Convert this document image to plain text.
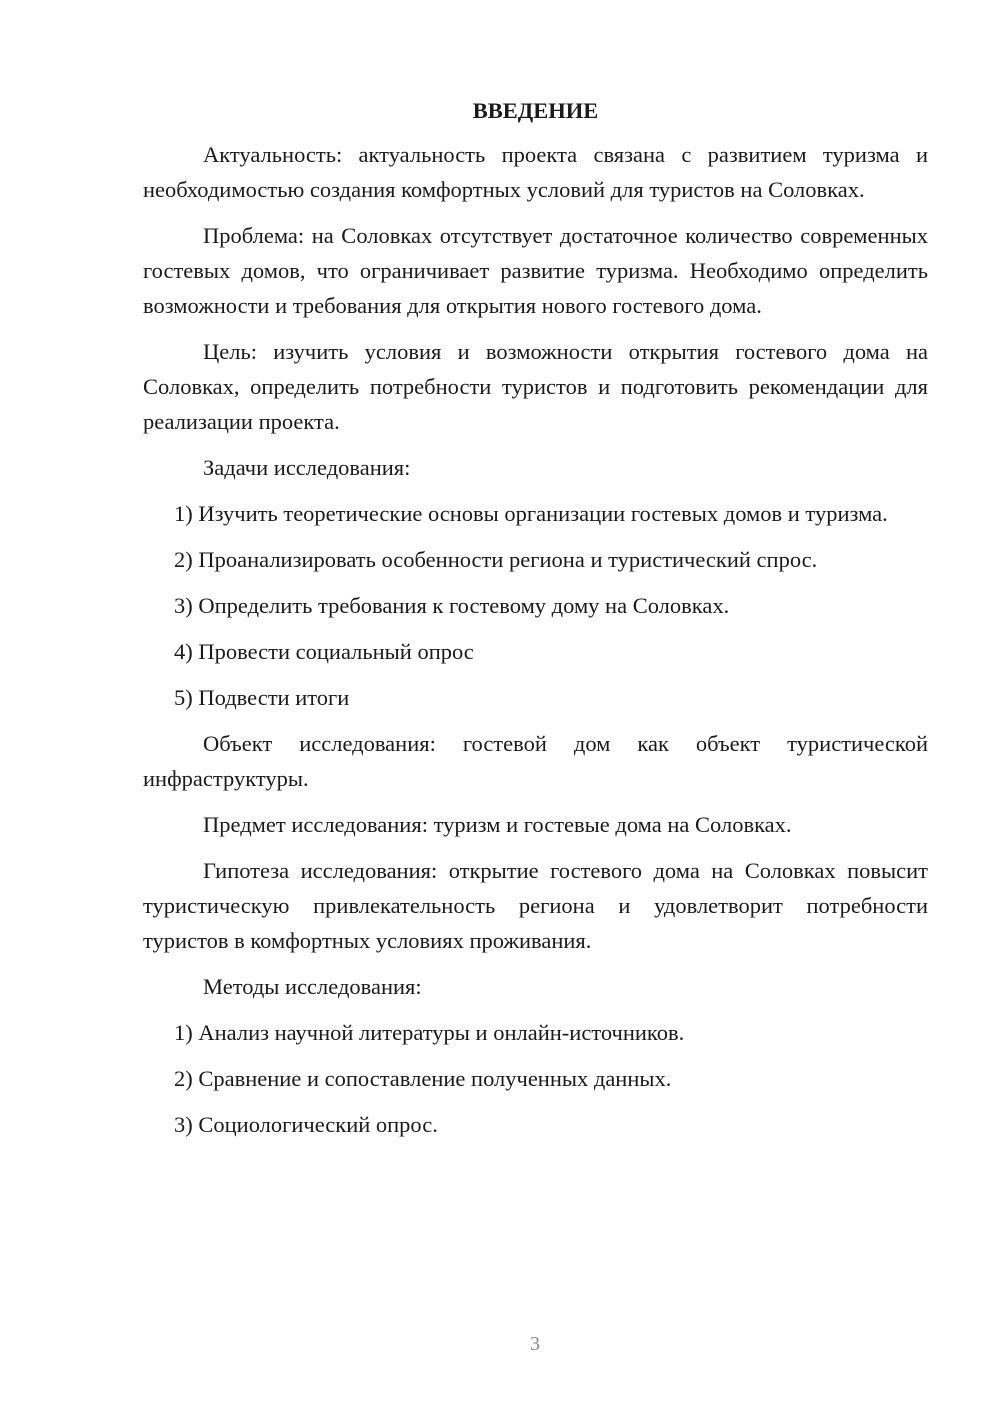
ВВЕДЕНИЕ

Актуальность: актуальность проекта связана с развитием туризма и необходимостью создания комфортных условий для туристов на Соловках.

Проблема: на Соловках отсутствует достаточное количество современных гостевых домов, что ограничивает развитие туризма. Необходимо определить возможности и требования для открытия нового гостевого дома.

Цель: изучить условия и возможности открытия гостевого дома на Соловках, определить потребности туристов и подготовить рекомендации для реализации проекта.

Задачи исследования:

1) Изучить теоретические основы организации гостевых домов и туризма.

2) Проанализировать особенности региона и туристический спрос.

3) Определить требования к гостевому дому на Соловках.

4) Провести социальный опрос

5) Подвести итоги

Объект исследования: гостевой дом как объект туристической инфраструктуры.

Предмет исследования: туризм и гостевые дома на Соловках.

Гипотеза исследования: открытие гостевого дома на Соловках повысит туристическую привлекательность региона и удовлетворит потребности туристов в комфортных условиях проживания.

Методы исследования:

1) Анализ научной литературы и онлайн-источников.

2) Сравнение и сопоставление полученных данных.

3) Социологический опрос.

3
